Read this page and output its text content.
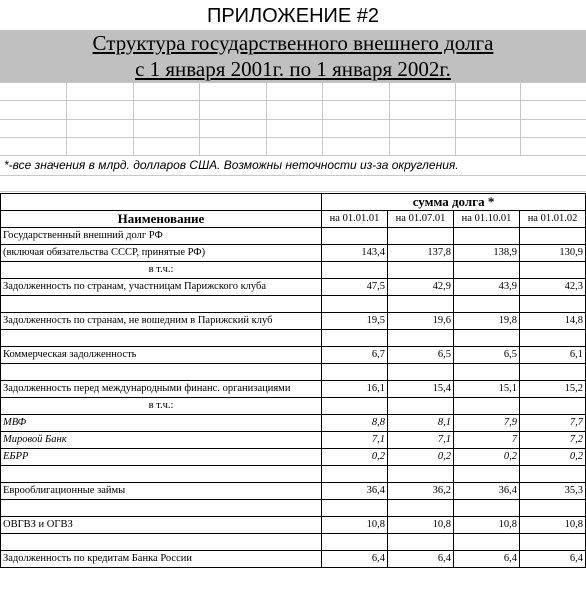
ПРИЛОЖЕНИЕ #2
Структура государственного внешнего долга
с 1 января 2001г. по 1 января 2002г.
*-все значения в млрд. долларов США. Возможны неточности из-за округления.
	сумма долга *			
Наименование	на 01.01.01	на 01.07.01	на 01.10.01	на 01.01.02
Государственный внешний долг РФ				
(включая обязательства СССР, принятые РФ)	143,4	137,8	138,9	130,9
в т.ч.:				
Задолженность по странам, участницам Парижского клуба	47,5	42,9	43,9	42,3

Задолженность по странам, не вошедним в Парижский клуб	19,5	19,6	19,8	14,8

Коммерческая задолженность	6,7	6,5	6,5	6,1

Задолженность перед международными финанс. организациями	16,1	15,4	15,1	15,2
в т.ч.:				
МВФ	8,8	8,1	7,9	7,7
Мировой Банк	7,1	7,1	7	7,2
ЕБРР	0,2	0,2	0,2	0,2

Еврооблигационные займы	36,4	36,2	36,4	35,3

ОВГВЗ и ОГВЗ	10,8	10,8	10,8	10,8

Задолженность по кредитам Банка России	6,4	6,4	6,4	6,4
